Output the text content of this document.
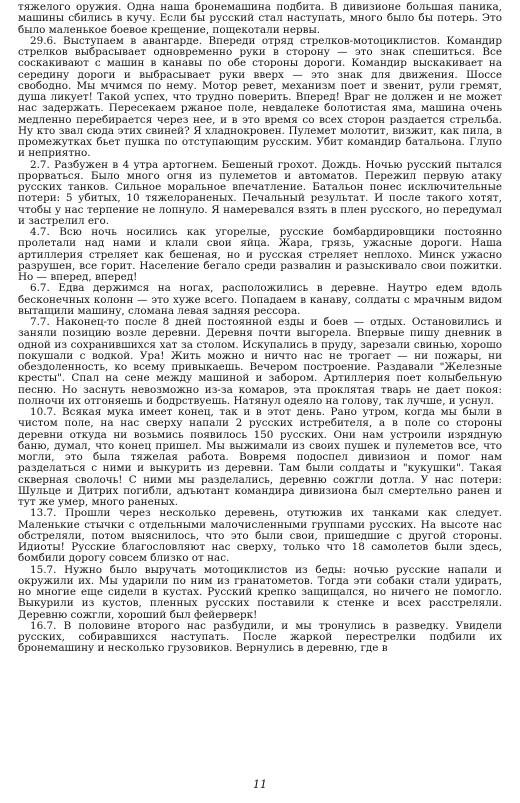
тяжелого оружия. Одна наша бронемашина подбита. В дивизионе большая паника, машины сбились в кучу. Если бы русский стал наступать, много было бы потерь. Это было маленькое боевое крещение, пощекотали нервы.

29.6. Выступаем в авангарде. Впереди отряд стрелков-мотоциклистов. Командир стрелков выбрасывает одновременно руки в сторону — это знак спешиться. Все соскакивают с машин в канавы по обе стороны дороги. Командир выскакивает на середину дороги и выбрасывает руки вверх — это знак для движения. Шоссе свободно. Мы мчимся по нему. Мотор ревет, механизм поет и звенит, рули гремят, душа ликует! Такой успех, что трудно поверить. Вперед! Враг не должен и не может нас задержать. Пересекаем ржаное поле, невдалеке болотистая яма, машина очень медленно перебирается через нее, и в это время со всех сторон раздается стрельба. Ну кто звал сюда этих свиней? Я хладнокровен. Пулемет молотит, визжит, как пила, в промежутках бьет пушка по отступающим русским. Убит командир батальона. Глупо и неприятно.

2.7. Разбужен в 4 утра артогнем. Бешеный грохот. Дождь. Ночью русский пытался прорваться. Было много огня из пулеметов и автоматов. Пережил первую атаку русских танков. Сильное моральное впечатление. Батальон понес исключительные потери: 5 убитых, 10 тяжелораненых. Печальный результат. И после такого хотят, чтобы у нас терпение не лопнуло. Я намеревался взять в плен русского, но передумал и застрелил его.

4.7. Всю ночь носились как угорелые, русские бомбардировщики постоянно пролетали над нами и клали свои яйца. Жара, грязь, ужасные дороги. Наша артиллерия стреляет как бешеная, но и русская стреляет неплохо. Минск ужасно разрушен, все горит. Население бегало среди развалин и разыскивало свои пожитки. Но — вперед, вперед!

6.7. Едва держимся на ногах, расположились в деревне. Наутро едем вдоль бесконечных колонн — это хуже всего. Попадаем в канаву, солдаты с мрачным видом вытащили машину, сломана левая задняя рессора.

7.7. Наконец-то после 8 дней постоянной езды и боев — отдых. Остановились и заняли позицию возле деревни. Деревня почти выгорела. Впервые пишу дневник в одной из сохранившихся хат за столом. Искупались в пруду, зарезали свинью, хорошо покушали с водкой. Ура! Жить можно и ничто нас не трогает — ни пожары, ни обездоленность, ко всему привыкаешь. Вечером построение. Раздавали "Железные кресты". Спал на сене между машиной и забором. Артиллерия поет колыбельную песню. Но заснуть невозможно из-за комаров, эта проклятая тварь не дает покоя: полночи их отгоняешь и бодрствуешь. Натянул одеяло на голову, так лучше, и уснул.

10.7. Всякая мука имеет конец, так и в этот день. Рано утром, когда мы были в чистом поле, на нас сверху напали 2 русских истребителя, а в поле со стороны деревни откуда ни возьмись появилось 150 русских. Они нам устроили изрядную баню, думал, что конец пришел. Мы выжимали из своих пушек и пулеметов все, что могли, это была тяжелая работа. Вовремя подоспел дивизион и помог нам разделаться с ними и выкурить из деревни. Там были солдаты и "кукушки". Такая скверная сволочь! С ними мы разделались, деревню сожгли дотла. У нас потери: Шульце и Дитрих погибли, адъютант командира дивизиона был смертельно ранен и тут же умер, много раненых.

13.7. Прошли через несколько деревень, отутюжив их танками как следует. Маленькие стычки с отдельными малочисленными группами русских. На высоте нас обстреляли, потом выяснилось, что это были свои, пришедшие с другой стороны. Идиоты! Русские благословляют нас сверху, только что 18 самолетов были здесь, бомбили дорогу совсем близко от нас.

15.7. Нужно было выручать мотоциклистов из беды: ночью русские напали и окружили их. Мы ударили по ним из гранатометов. Тогда эти собаки стали удирать, но многие еще сидели в кустах. Русский крепко защищался, но ничего не помогло. Выкурили из кустов, пленных русских поставили к стенке и всех расстреляли. Деревню сожгли, хороший был фейерверк!

16.7. В половине второго нас разбудили, и мы тронулись в разведку. Увидели русских, собиравшихся наступать. После жаркой перестрелки подбили их бронемашину и несколько грузовиков. Вернулись в деревню, где в

11
